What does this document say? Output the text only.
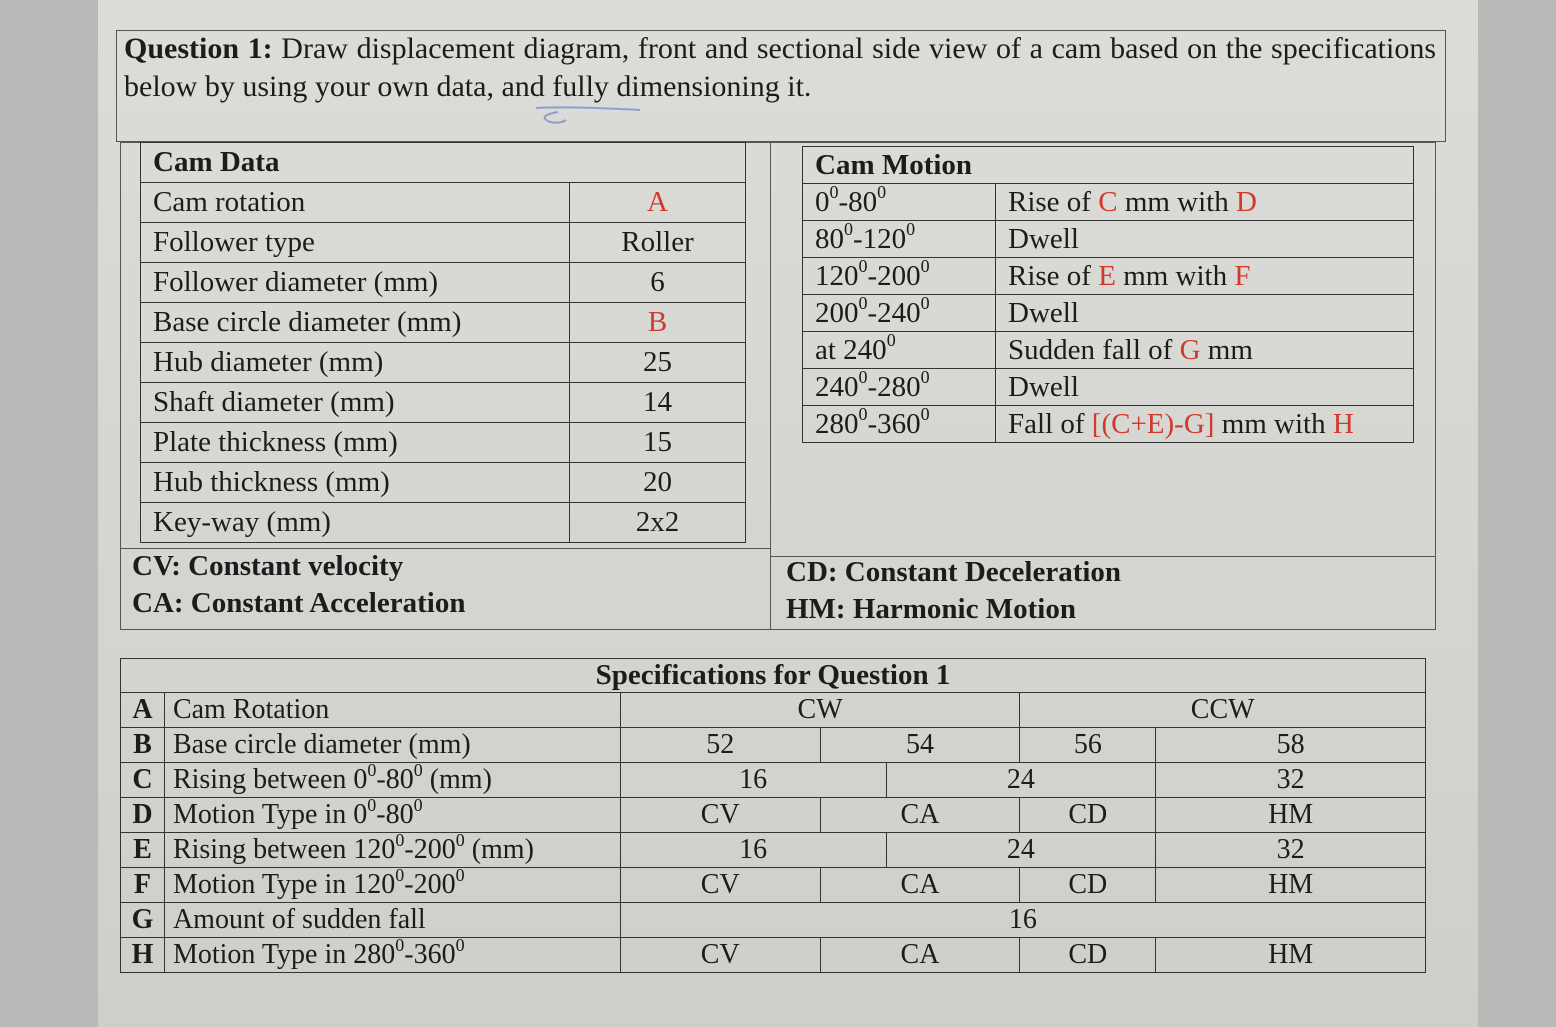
Question 1: Draw displacement diagram, front and sectional side view of a cam based on the specifications below by using your own data, and fully dimensioning it.
Cam Data	
Cam rotation	A
Follower type	Roller
Follower diameter (mm)	6
Base circle diameter (mm)	B
Hub diameter (mm)	25
Shaft diameter (mm)	14
Plate thickness (mm)	15
Hub thickness (mm)	20
Key-way (mm)	2x2
Cam Motion	
$0^0-80^0$	Rise of C mm with D
$80^0-120^0$	Dwell
$120^0-200^0$	Rise of E mm with F
$200^0-240^0$	Dwell
at $240^0$	Sudden fall of G mm
$240^0-280^0$	Dwell
$280^0-360^0$	Fall of [(C+E)-G] mm with H
CV: Constant velocity
CA: Constant Acceleration
CD: Constant Deceleration
HM: Harmonic Motion
Specifications for Question 1						
A	Cam Rotation	CW			CCW	
B	Base circle diameter (mm)	52	54		56	58
C	Rising between $0^0-80^0$ (mm)	16		24		32
D	Motion Type in $0^0-80^0$	CV	CA		CD	HM
E	Rising between $120^0-200^0$ (mm)	16		24		32
F	Motion Type in $120^0-200^0$	CV	CA		CD	HM
G	Amount of sudden fall	16				
H	Motion Type in $280^0-360^0$	CV	CA		CD	HM
